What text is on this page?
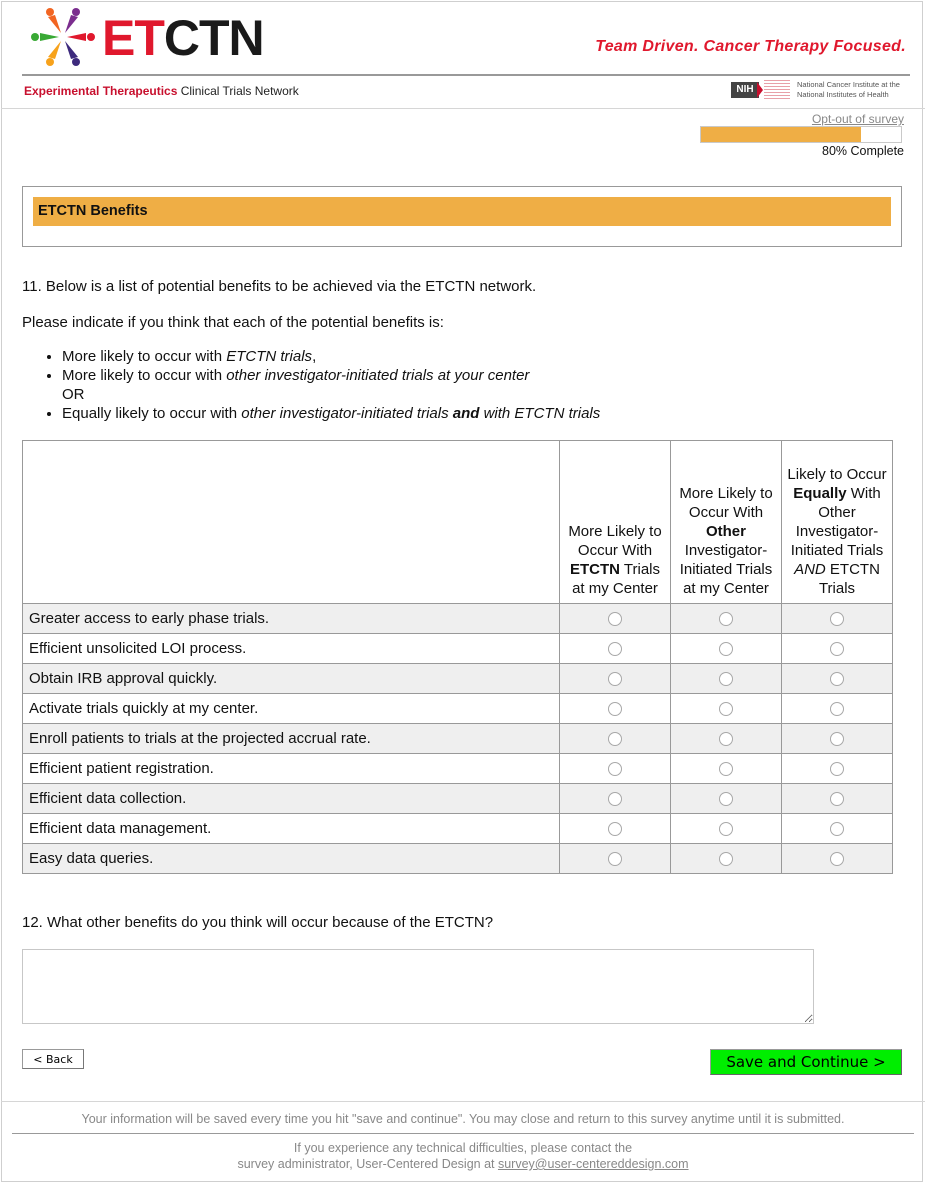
ETCTN	Team Driven. Cancer Therapy Focused.
Experimental Therapeutics Clinical Trials Network	NIH	National Cancer Institute at the
National Institutes of Health
Opt-out of survey
80% Complete
ETCTN Benefits
11. Below is a list of potential benefits to be achieved via the ETCTN network.
Please indicate if you think that each of the potential benefits is:
• More likely to occur with ETCTN trials,
• More likely to occur with other investigator-initiated trials at your center
OR
• Equally likely to occur with other investigator-initiated trials and with ETCTN trials
	More Likely to Occur With ETCTN Trials at my Center	More Likely to Occur With Other Investigator-Initiated Trials at my Center	Likely to Occur Equally With Other Investigator-Initiated Trials AND ETCTN Trials
Greater access to early phase trials.			
Efficient unsolicited LOI process.			
Obtain IRB approval quickly.			
Activate trials quickly at my center.			
Enroll patients to trials at the projected accrual rate.			
Efficient patient registration.			
Efficient data collection.			
Efficient data management.			
Easy data queries.			
12. What other benefits do you think will occur because of the ETCTN?
< Back	Save and Continue >
Your information will be saved every time you hit "save and continue". You may close and return to this survey anytime until it is submitted.
If you experience any technical difficulties, please contact the
survey administrator, User-Centered Design at survey@user-centereddesign.com
